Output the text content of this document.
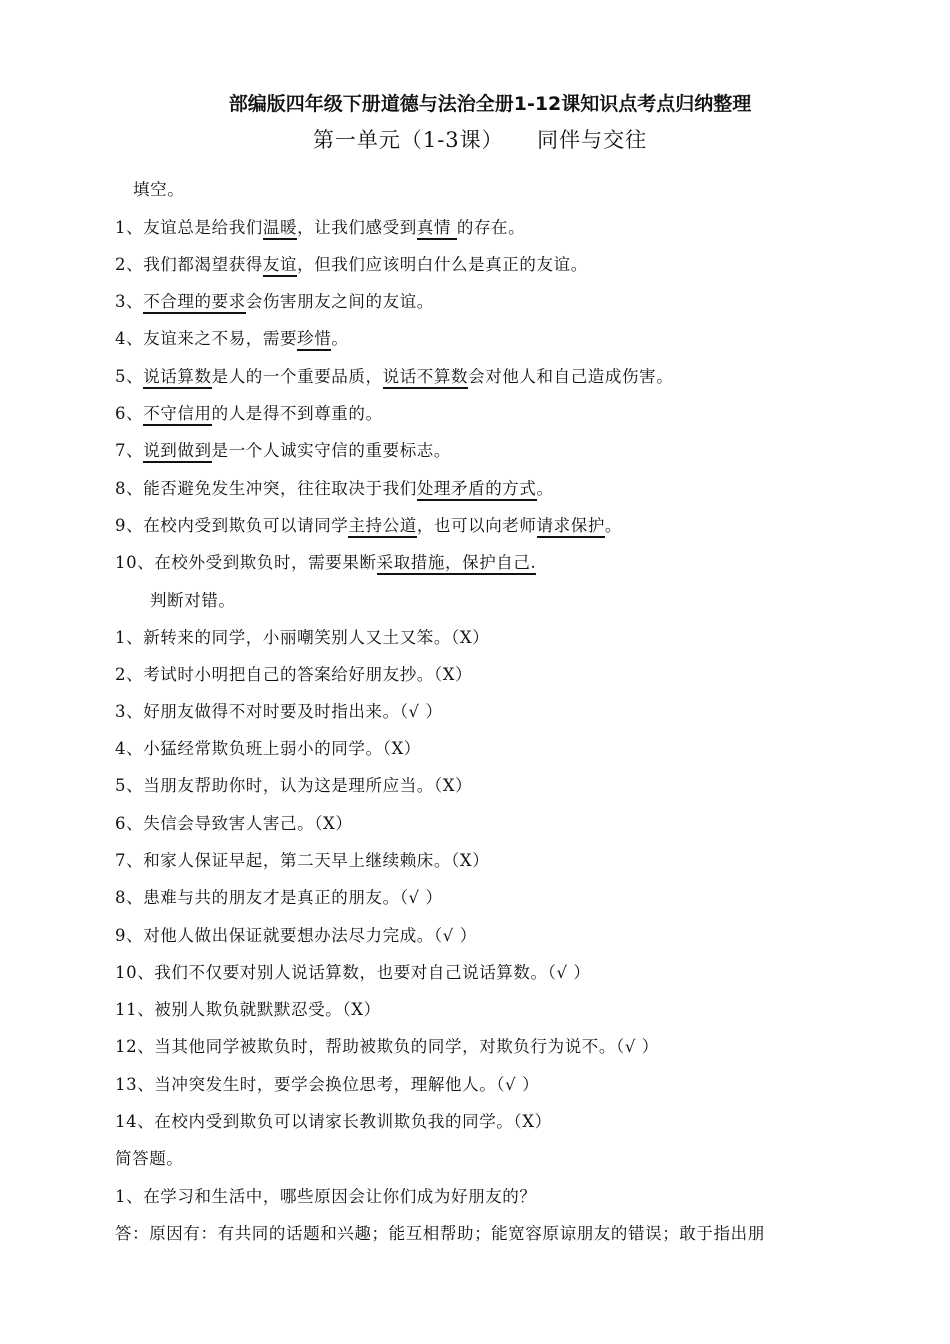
部编版四年级下册道德与法治全册1-12课知识点考点归纳整理
第一单元（1-3课）　　同伴与交往
填空。
1、友谊总是给我们温暖，让我们感受到真情 的存在。
2、我们都渴望获得友谊，但我们应该明白什么是真正的友谊。
3、不合理的要求会伤害朋友之间的友谊。
4、友谊来之不易，需要珍惜。
5、说话算数是人的一个重要品质，说话不算数会对他人和自己造成伤害。
6、不守信用的人是得不到尊重的。
7、说到做到是一个人诚实守信的重要标志。
8、能否避免发生冲突，往往取决于我们处理矛盾的方式。
9、在校内受到欺负可以请同学主持公道，也可以向老师请求保护。
10、在校外受到欺负时，需要果断采取措施，保护自己.
判断对错。
1、新转来的同学，小丽嘲笑别人又土又笨。（X）
2、考试时小明把自己的答案给好朋友抄。（X）
3、好朋友做得不对时要及时指出来。（√ ）
4、小猛经常欺负班上弱小的同学。（X）
5、当朋友帮助你时，认为这是理所应当。（X）
6、失信会导致害人害己。（X）
7、和家人保证早起，第二天早上继续赖床。（X）
8、患难与共的朋友才是真正的朋友。（√ ）
9、对他人做出保证就要想办法尽力完成。（√ ）
10、我们不仅要对别人说话算数，也要对自己说话算数。（√ ）
11、被别人欺负就默默忍受。（X）
12、当其他同学被欺负时，帮助被欺负的同学，对欺负行为说不。（√ ）
13、当冲突发生时，要学会换位思考，理解他人。（√ ）
14、在校内受到欺负可以请家长教训欺负我的同学。（X）
简答题。
1、在学习和生活中，哪些原因会让你们成为好朋友的？
答：原因有：有共同的话题和兴趣；能互相帮助；能宽容原谅朋友的错误；敢于指出朋
